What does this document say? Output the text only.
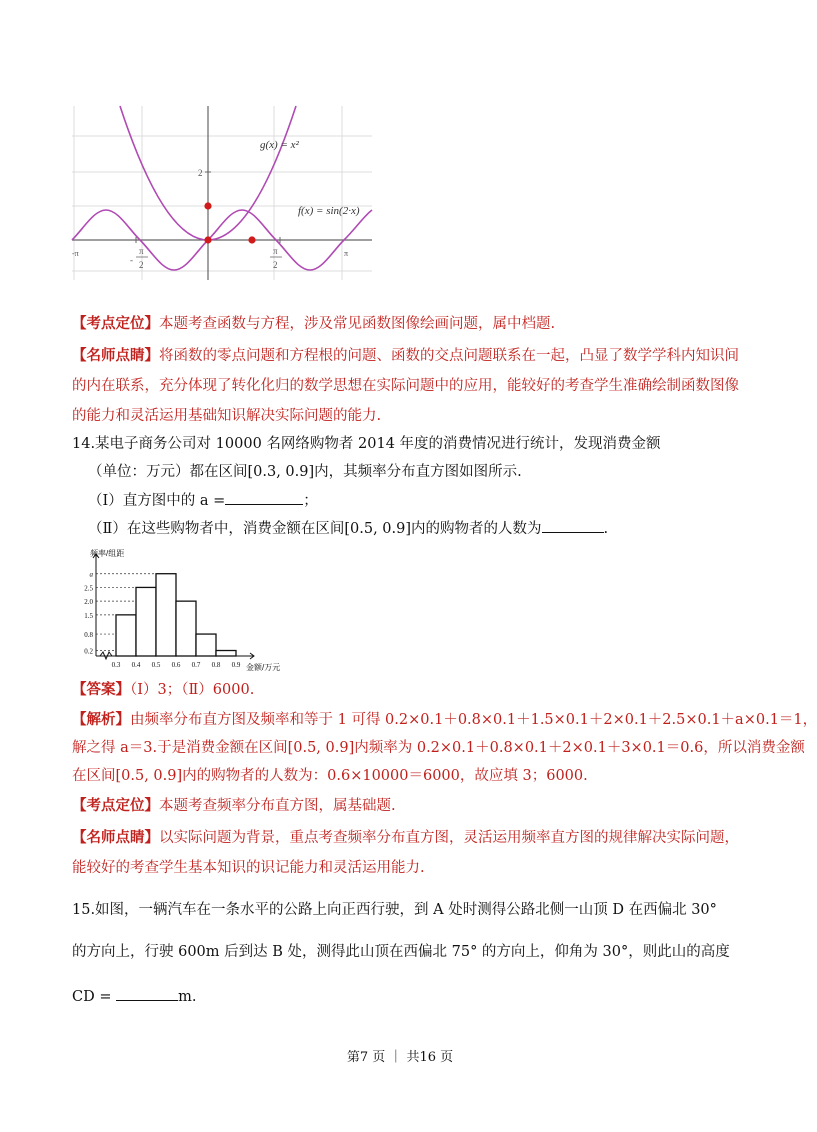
g(x) = x²
f(x) = sin(2·x)
2
-π	π
- 2
π
2
π
【考点定位】本题考查函数与方程，涉及常见函数图像绘画问题，属中档题.
【名师点睛】将函数的零点问题和方程根的问题、函数的交点问题联系在一起，凸显了数学学科内知识间
的内在联系，充分体现了转化化归的数学思想在实际问题中的应用，能较好的考查学生准确绘制函数图像
的能力和灵活运用基础知识解决实际问题的能力.
14.某电子商务公司对 10000 名网络购物者 2014 年度的消费情况进行统计，发现消费金额
（单位：万元）都在区间[0.3, 0.9]内，其频率分布直方图如图所示.
（Ⅰ）直方图中的 a =	；
（Ⅱ）在这些购物者中，消费金额在区间[0.5, 0.9]内的购物者的人数为	.
a
2.5
2.0
1.5
0.8
0.2
0.3 0.4 0.5 0.6 0.7 0.8 0.9
频率/组距
金额/万元
【答案】（Ⅰ）3；（Ⅱ）6000.
【解析】由频率分布直方图及频率和等于 1 可得 0.2×0.1＋0.8×0.1＋1.5×0.1＋2×0.1＋2.5×0.1＋a×0.1＝1，
解之得 a＝3.于是消费金额在区间[0.5, 0.9]内频率为 0.2×0.1＋0.8×0.1＋2×0.1＋3×0.1＝0.6，所以消费金额
在区间[0.5, 0.9]内的购物者的人数为：0.6×10000＝6000，故应填 3；6000.
【考点定位】本题考查频率分布直方图，属基础题.
【名师点睛】以实际问题为背景，重点考查频率分布直方图，灵活运用频率直方图的规律解决实际问题，
能较好的考查学生基本知识的识记能力和灵活运用能力.
15.如图，一辆汽车在一条水平的公路上向正西行驶，到 A 处时测得公路北侧一山顶 D 在西偏北 30°
的方向上，行驶 600m 后到达 B 处，测得此山顶在西偏北 75° 的方向上，仰角为 30°，则此山的高度
CD =	m.
第7 页 ｜ 共16 页
